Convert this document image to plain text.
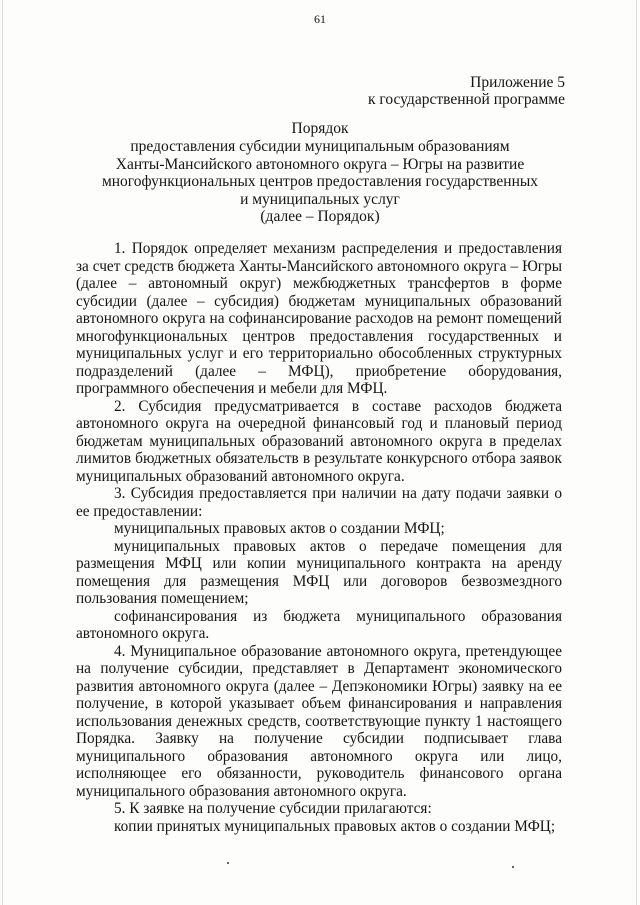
61
Приложение 5
к государственной программе
Порядок
предоставления субсидии муниципальным образованиям
Ханты-Мансийского автономного округа – Югры на развитие
многофункциональных центров предоставления государственных
и муниципальных услуг
(далее – Порядок)

1. Порядок определяет механизм распределения и предоставления за счет средств бюджета Ханты-Мансийского автономного округа – Югры (далее – автономный округ) межбюджетных трансфертов в форме субсидии (далее – субсидия) бюджетам муниципальных образований автономного округа на софинансирование расходов на ремонт помещений многофункциональных центров предоставления государственных и муниципальных услуг и его территориально обособленных структурных подразделений (далее – МФЦ), приобретение оборудования, программного обеспечения и мебели для МФЦ.

2. Субсидия предусматривается в составе расходов бюджета автономного округа на очередной финансовый год и плановый период бюджетам муниципальных образований автономного округа в пределах лимитов бюджетных обязательств в результате конкурсного отбора заявок муниципальных образований автономного округа.

3. Субсидия предоставляется при наличии на дату подачи заявки о ее предоставлении:

муниципальных правовых актов о создании МФЦ;

муниципальных правовых актов о передаче помещения для размещения МФЦ или копии муниципального контракта на аренду помещения для размещения МФЦ или договоров безвозмездного пользования помещением;

софинансирования из бюджета муниципального образования автономного округа.

4. Муниципальное образование автономного округа, претендующее на получение субсидии, представляет в Департамент экономического развития автономного округа (далее – Депэкономики Югры) заявку на ее получение, в которой указывает объем финансирования и направления использования денежных средств, соответствующие пункту 1 настоящего Порядка. Заявку на получение субсидии подписывает глава муниципального образования автономного округа или лицо, исполняющее его обязанности, руководитель финансового органа муниципального образования автономного округа.

5. К заявке на получение субсидии прилагаются:

копии принятых муниципальных правовых актов о создании МФЦ;
